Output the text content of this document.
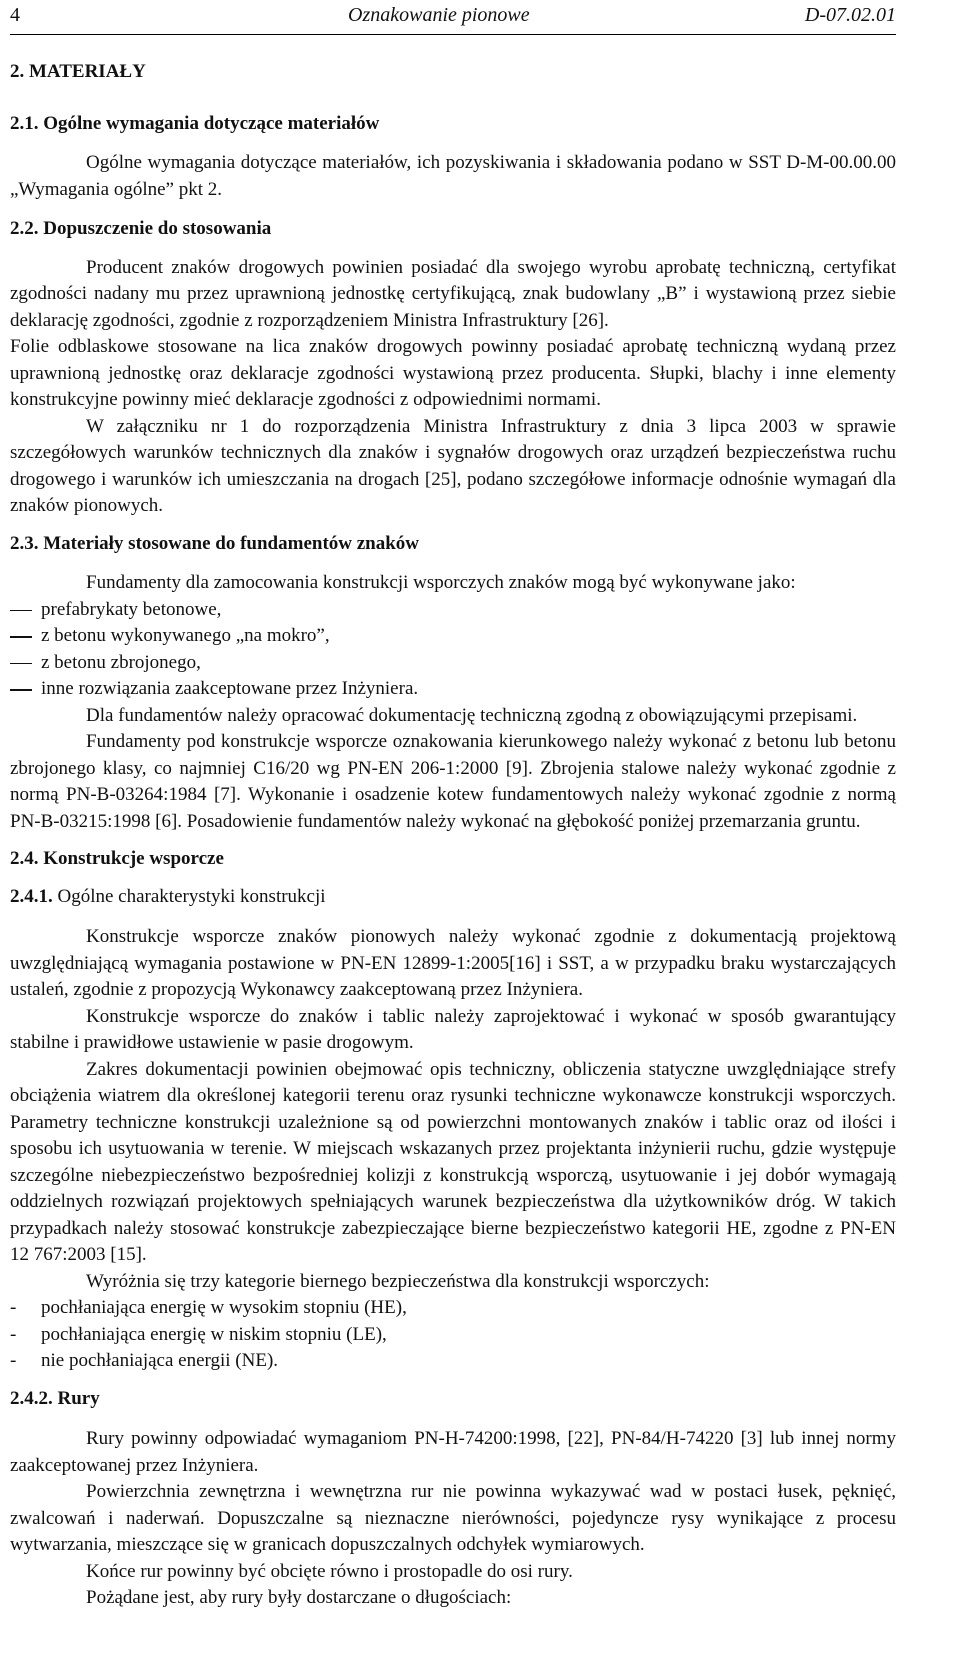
4	Oznakowanie pionowe	D-07.02.01
2. MATERIAŁY
2.1. Ogólne wymagania dotyczące materiałów

Ogólne wymagania dotyczące materiałów, ich pozyskiwania i składowania podano w SST D-M-00.00.00 „Wymagania ogólne” pkt 2.

2.2. Dopuszczenie do stosowania

Producent znaków drogowych powinien posiadać dla swojego wyrobu aprobatę techniczną, certyfikat zgodności nadany mu przez uprawnioną jednostkę certyfikującą, znak budowlany „B” i wystawioną przez siebie deklarację zgodności, zgodnie z rozporządzeniem Ministra Infrastruktury [26].

Folie odblaskowe stosowane na lica znaków drogowych powinny posiadać aprobatę techniczną wydaną przez uprawnioną jednostkę oraz deklaracje zgodności wystawioną przez producenta. Słupki, blachy i inne elementy konstrukcyjne powinny mieć deklaracje zgodności z odpowiednimi normami.

W załączniku nr 1 do rozporządzenia Ministra Infrastruktury z dnia 3 lipca 2003 w sprawie szczegółowych warunków technicznych dla znaków i sygnałów drogowych oraz urządzeń bezpieczeństwa ruchu drogowego i warunków ich umieszczania na drogach [25], podano szczegółowe informacje odnośnie wymagań dla znaków pionowych.

2.3. Materiały stosowane do fundamentów znaków

Fundamenty dla zamocowania konstrukcji wsporczych znaków mogą być wykonywane jako:

prefabrykaty betonowe,
z betonu wykonywanego „na mokro”,
z betonu zbrojonego,
inne rozwiązania zaakceptowane przez Inżyniera.

Dla fundamentów należy opracować dokumentację techniczną zgodną z obowiązującymi przepisami.

Fundamenty pod konstrukcje wsporcze oznakowania kierunkowego należy wykonać z betonu lub betonu zbrojonego klasy, co najmniej C16/20 wg PN-EN 206-1:2000 [9]. Zbrojenia stalowe należy wykonać zgodnie z normą PN-B-03264:1984 [7]. Wykonanie i osadzenie kotew fundamentowych należy wykonać zgodnie z normą PN-B-03215:1998 [6]. Posadowienie fundamentów należy wykonać na głębokość poniżej przemarzania gruntu.

2.4. Konstrukcje wsporcze
2.4.1. Ogólne charakterystyki konstrukcji

Konstrukcje wsporcze znaków pionowych należy wykonać zgodnie z dokumentacją projektową uwzględniającą wymagania postawione w PN-EN 12899-1:2005[16] i SST, a w przypadku braku wystarczających ustaleń, zgodnie z propozycją Wykonawcy zaakceptowaną przez Inżyniera.

Konstrukcje wsporcze do znaków i tablic należy zaprojektować i wykonać w sposób gwarantujący stabilne i prawidłowe ustawienie w pasie drogowym.

Zakres dokumentacji powinien obejmować opis techniczny, obliczenia statyczne uwzględniające strefy obciążenia wiatrem dla określonej kategorii terenu oraz rysunki techniczne wykonawcze konstrukcji wsporczych. Parametry techniczne konstrukcji uzależnione są od powierzchni montowanych znaków i tablic oraz od ilości i sposobu ich usytuowania w terenie. W miejscach wskazanych przez projektanta inżynierii ruchu, gdzie występuje szczególne niebezpieczeństwo bezpośredniej kolizji z konstrukcją wsporczą, usytuowanie i jej dobór wymagają oddzielnych rozwiązań projektowych spełniających warunek bezpieczeństwa dla użytkowników dróg. W takich przypadkach należy stosować konstrukcje zabezpieczające bierne bezpieczeństwo kategorii HE, zgodne z PN-EN 12 767:2003 [15].

Wyróżnia się trzy kategorie biernego bezpieczeństwa dla konstrukcji wsporczych:

- pochłaniająca energię w wysokim stopniu (HE),
- pochłaniająca energię w niskim stopniu (LE),
- nie pochłaniająca energii (NE).
2.4.2. Rury

Rury powinny odpowiadać wymaganiom PN-H-74200:1998, [22], PN-84/H-74220 [3] lub innej normy zaakceptowanej przez Inżyniera.

Powierzchnia zewnętrzna i wewnętrzna rur nie powinna wykazywać wad w postaci łusek, pęknięć, zwalcowań i naderwań. Dopuszczalne są nieznaczne nierówności, pojedyncze rysy wynikające z procesu wytwarzania, mieszczące się w granicach dopuszczalnych odchyłek wymiarowych.

Końce rur powinny być obcięte równo i prostopadle do osi rury.

Pożądane jest, aby rury były dostarczane o długościach:
